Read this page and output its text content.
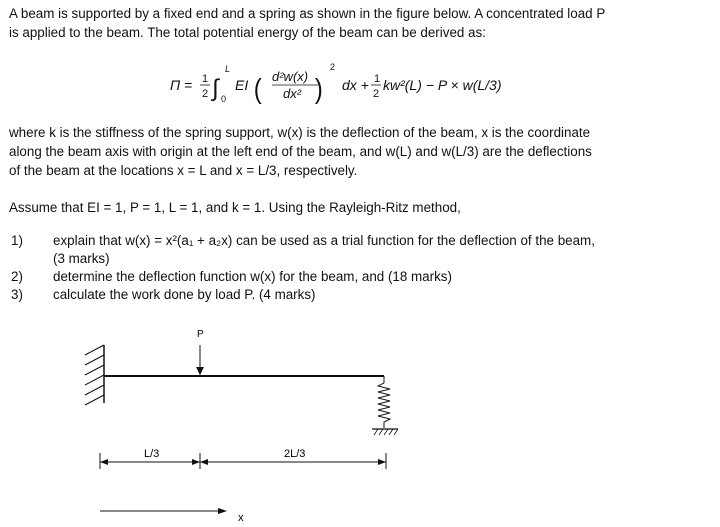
A beam is supported by a fixed end and a spring as shown in the figure below. A concentrated load P
is applied to the beam. The total potential energy of the beam can be derived as:
Π = 1
2 ∫
L
0
EI ( d²w(x)
dx² )
2
dx + 1
2
kw²(L) − P × w(L/3)
where k is the stiffness of the spring support, w(x) is the deflection of the beam, x is the coordinate
along the beam axis with origin at the left end of the beam, and w(L) and w(L/3) are the deflections
of the beam at the locations x = L and x = L/3, respectively.
Assume that EI = 1, P = 1, L = 1, and k = 1. Using the Rayleigh-Ritz method,
1) explain that w(x) = x²(a₁ + a₂x) can be used as a trial function for the deflection of the beam,
(3 marks)
2) determine the deflection function w(x) for the beam, and (18 marks)
3) calculate the work done by load P. (4 marks)
P
L/3	2L/3
x
